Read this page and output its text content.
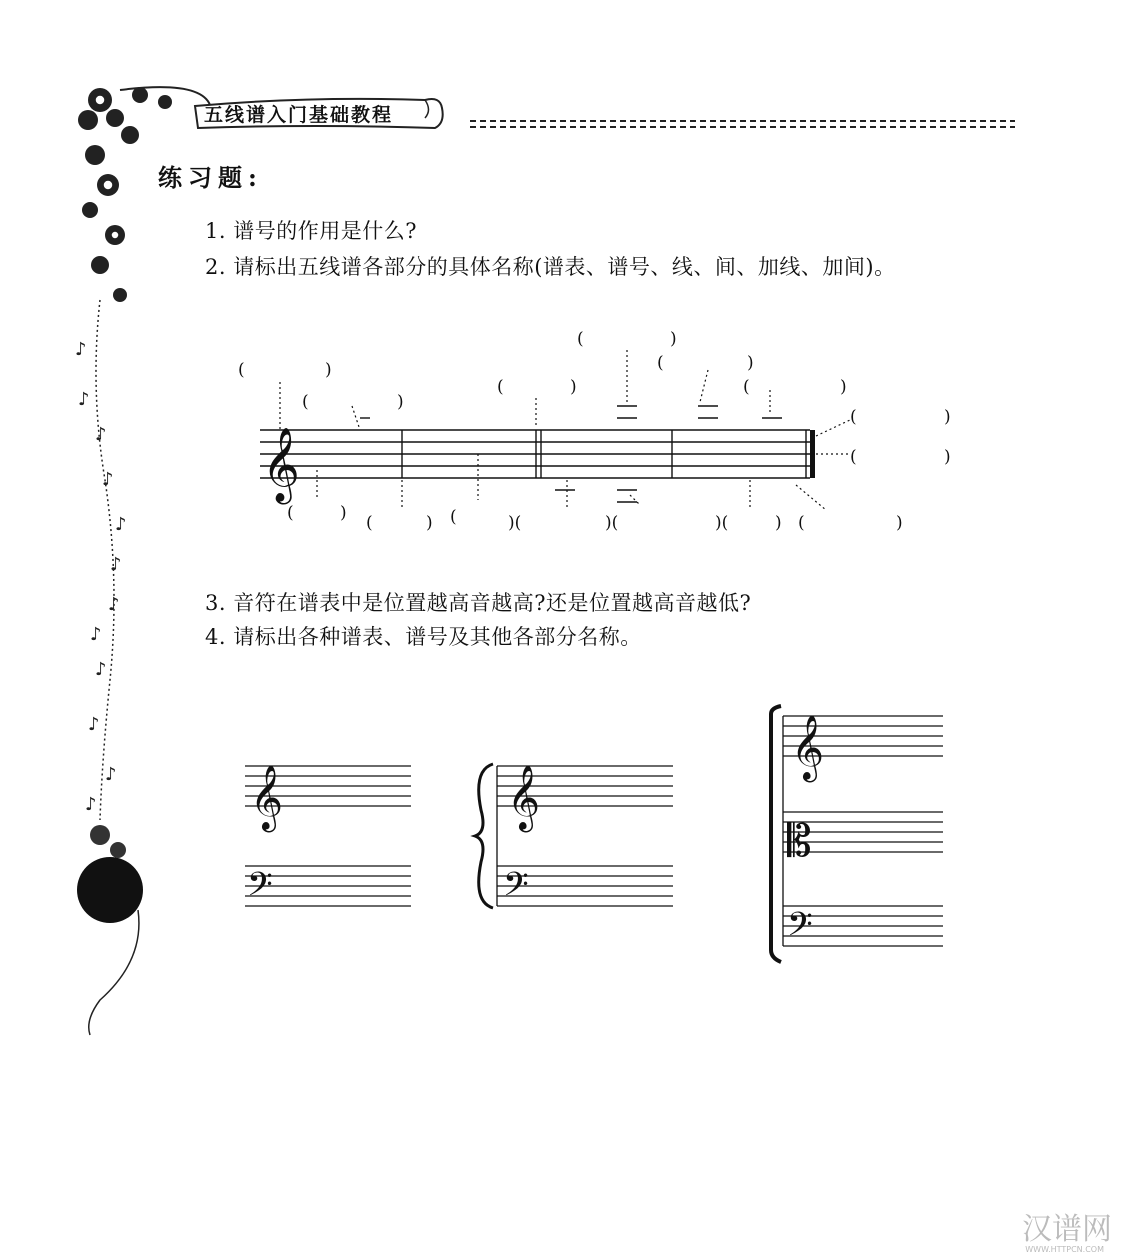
♪
♪
♪
♪
♪
♪
♪
♪
♪
♪
♪
♪
五线谱入门基础教程
练习题:
1. 谱号的作用是什么?
2. 请标出五线谱各部分的具体名称(谱表、谱号、线、间、加线、加间)。
3. 音符在谱表中是位置越高音越高?还是位置越高音越低?
4. 请标出各种谱表、谱号及其他各部分名称。
𝄞
(	)
(	)
(	)
(	)
(	)
(	)
(	)
(	)
(	) (	) (	)(	)(	)(	) (	)
𝄞
𝄢
𝄞
𝄢
𝄞
𝄡
𝄢
汉谱网
WWW.HTTPCN.COM
